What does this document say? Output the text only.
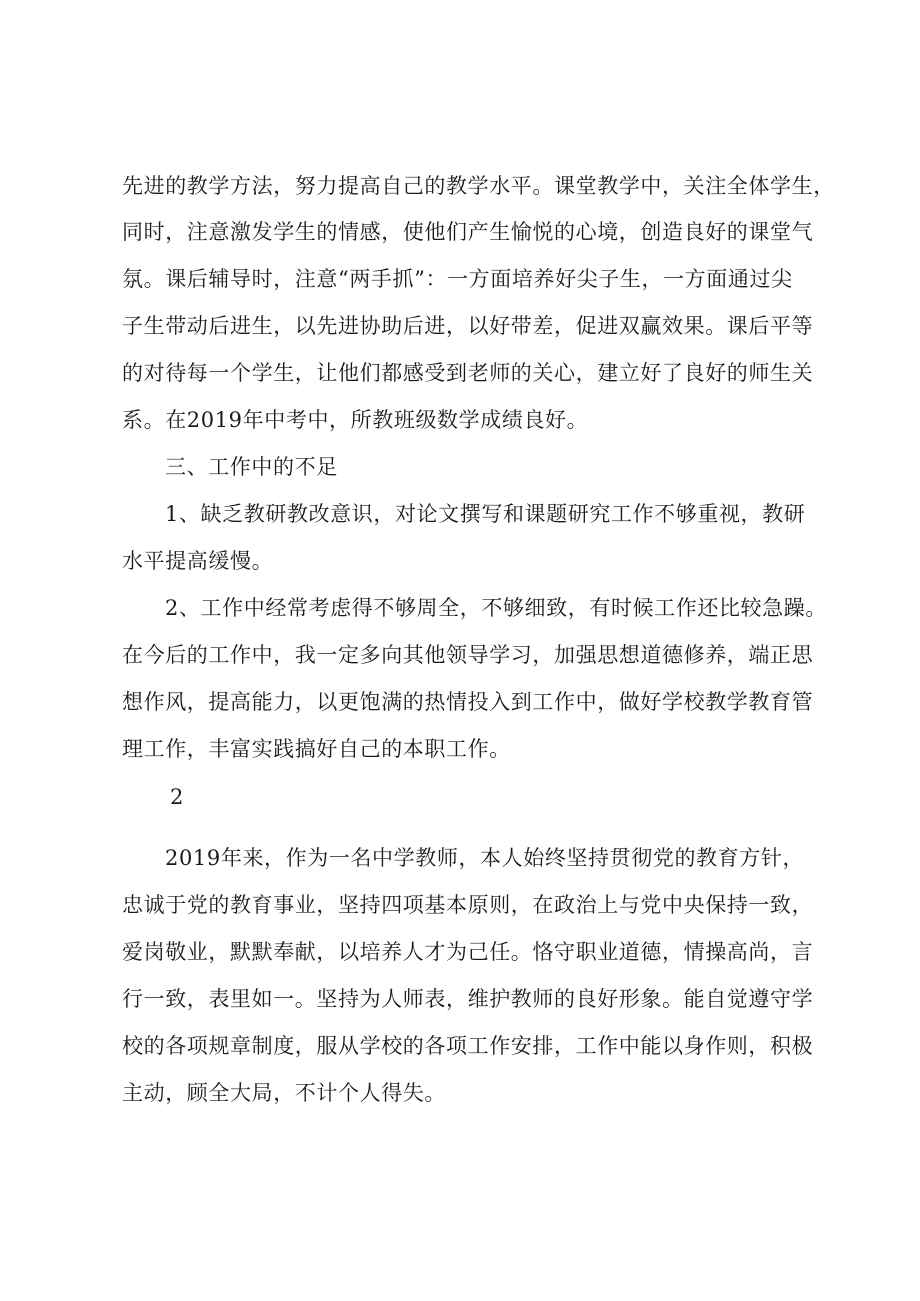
先进的教学方法，努力提高自己的教学水平。课堂教学中，关注全体学生，
同时，注意激发学生的情感，使他们产生愉悦的心境，创造良好的课堂气
氛。课后辅导时，注意“两手抓”：一方面培养好尖子生，一方面通过尖
子生带动后进生，以先进协助后进，以好带差，促进双赢效果。课后平等
的对待每一个学生，让他们都感受到老师的关心，建立好了良好的师生关
系。在2019年中考中，所教班级数学成绩良好。
三、工作中的不足
1、缺乏教研教改意识，对论文撰写和课题研究工作不够重视，教研
水平提高缓慢。
2、工作中经常考虑得不够周全，不够细致，有时候工作还比较急躁。
在今后的工作中，我一定多向其他领导学习，加强思想道德修养，端正思
想作风，提高能力，以更饱满的热情投入到工作中，做好学校教学教育管
理工作，丰富实践搞好自己的本职工作。
2
2019年来，作为一名中学教师，本人始终坚持贯彻党的教育方针，
忠诚于党的教育事业，坚持四项基本原则，在政治上与党中央保持一致，
爱岗敬业，默默奉献，以培养人才为己任。恪守职业道德，情操高尚，言
行一致，表里如一。坚持为人师表，维护教师的良好形象。能自觉遵守学
校的各项规章制度，服从学校的各项工作安排，工作中能以身作则，积极
主动，顾全大局，不计个人得失。
